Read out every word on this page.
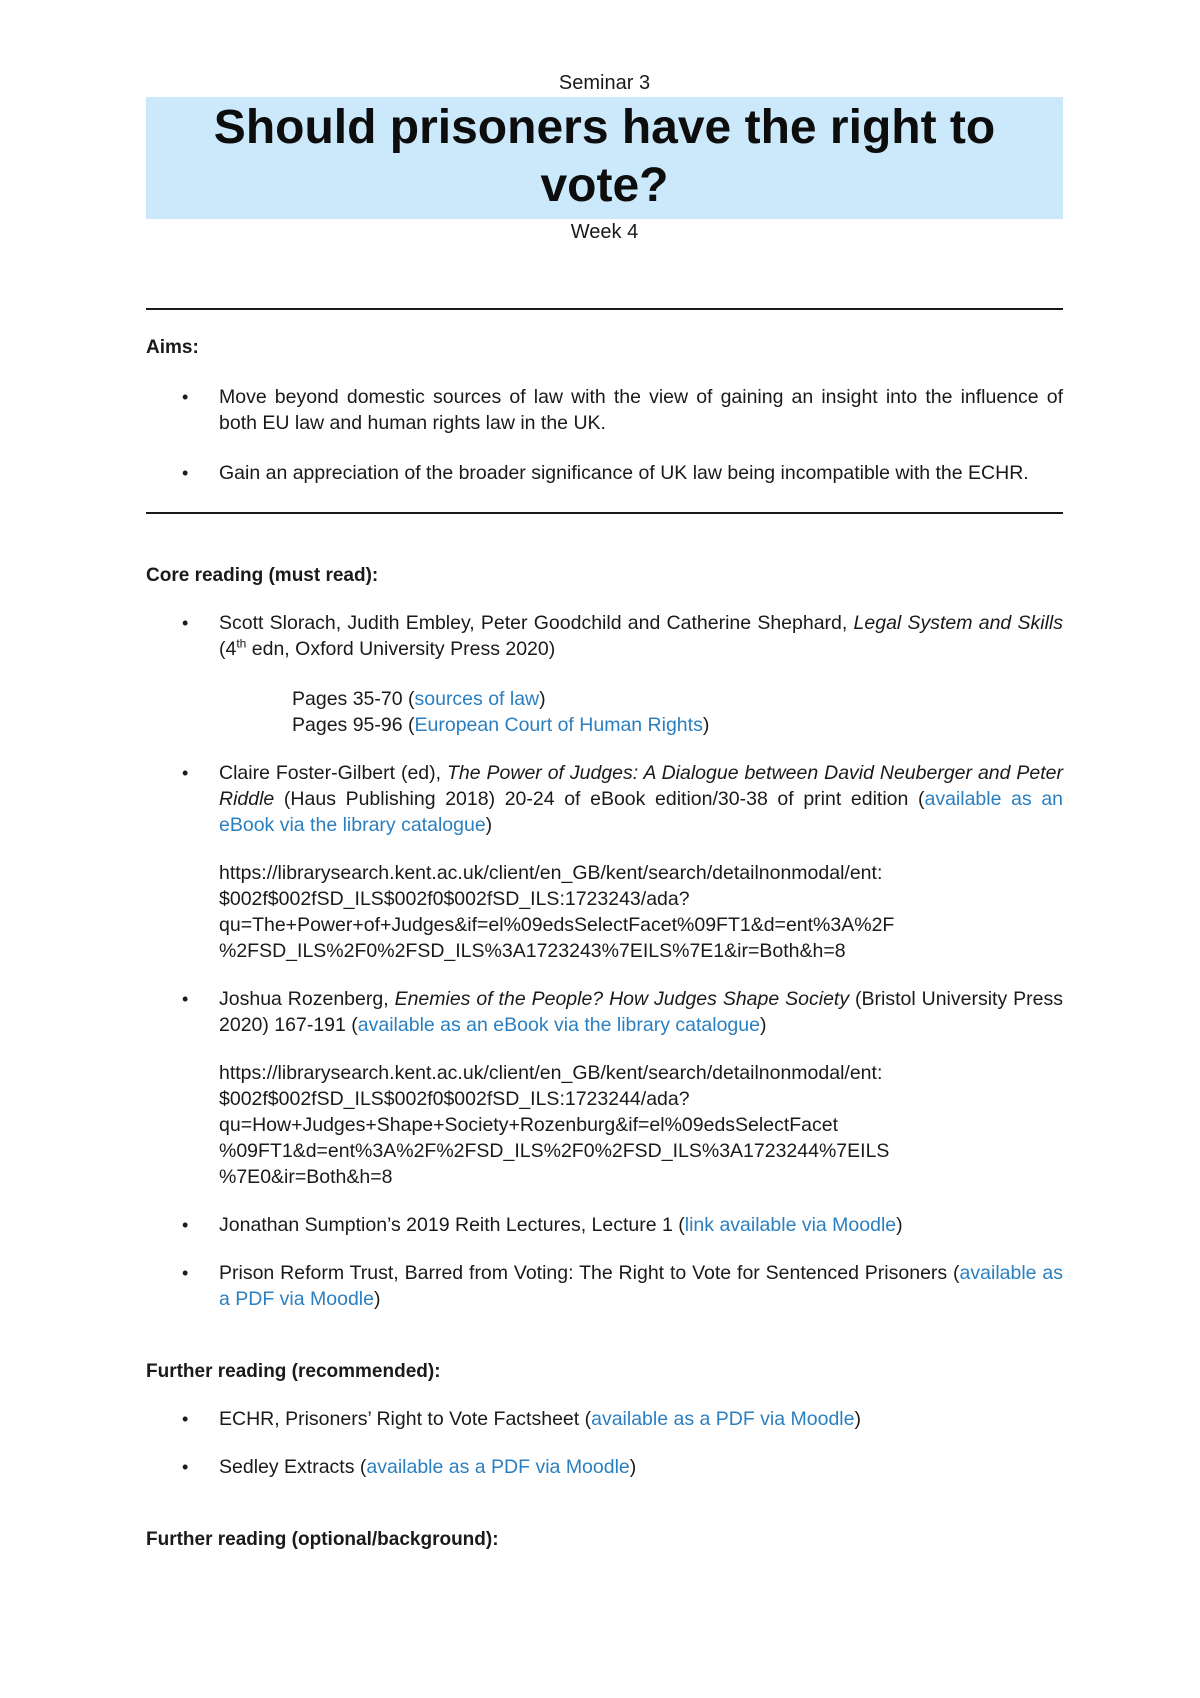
Seminar 3
Should prisoners have the right to
vote?
Week 4
Aims:
• Move beyond domestic sources of law with the view of gaining an insight into the influence of both EU law and human rights law in the UK.
• Gain an appreciation of the broader significance of UK law being incompatible with the ECHR.
Core reading (must read):
• Scott Slorach, Judith Embley, Peter Goodchild and Catherine Shephard, Legal System and Skills (4th edn, Oxford University Press 2020)
Pages 35-70 (sources of law)
Pages 95-96 (European Court of Human Rights)
• Claire Foster-Gilbert (ed), The Power of Judges: A Dialogue between David Neuberger and Peter Riddle (Haus Publishing 2018) 20-24 of eBook edition/30-38 of print edition (available as an eBook via the library catalogue)
https://librarysearch.kent.ac.uk/client/en_GB/kent/search/detailnonmodal/ent:
$002f$002fSD_ILS$002f0$002fSD_ILS:1723243/ada?
qu=The+Power+of+Judges&if=el%09edsSelectFacet%09FT1&d=ent%3A%2F
%2FSD_ILS%2F0%2FSD_ILS%3A1723243%7EILS%7E1&ir=Both&h=8
• Joshua Rozenberg, Enemies of the People? How Judges Shape Society (Bristol University Press 2020) 167-191 (available as an eBook via the library catalogue)
https://librarysearch.kent.ac.uk/client/en_GB/kent/search/detailnonmodal/ent:
$002f$002fSD_ILS$002f0$002fSD_ILS:1723244/ada?
qu=How+Judges+Shape+Society+Rozenburg&if=el%09edsSelectFacet
%09FT1&d=ent%3A%2F%2FSD_ILS%2F0%2FSD_ILS%3A1723244%7EILS
%7E0&ir=Both&h=8
• Jonathan Sumption’s 2019 Reith Lectures, Lecture 1 (link available via Moodle)
• Prison Reform Trust, Barred from Voting: The Right to Vote for Sentenced Prisoners (available as a PDF via Moodle)
Further reading (recommended):
• ECHR, Prisoners’ Right to Vote Factsheet (available as a PDF via Moodle)
• Sedley Extracts (available as a PDF via Moodle)
Further reading (optional/background):
